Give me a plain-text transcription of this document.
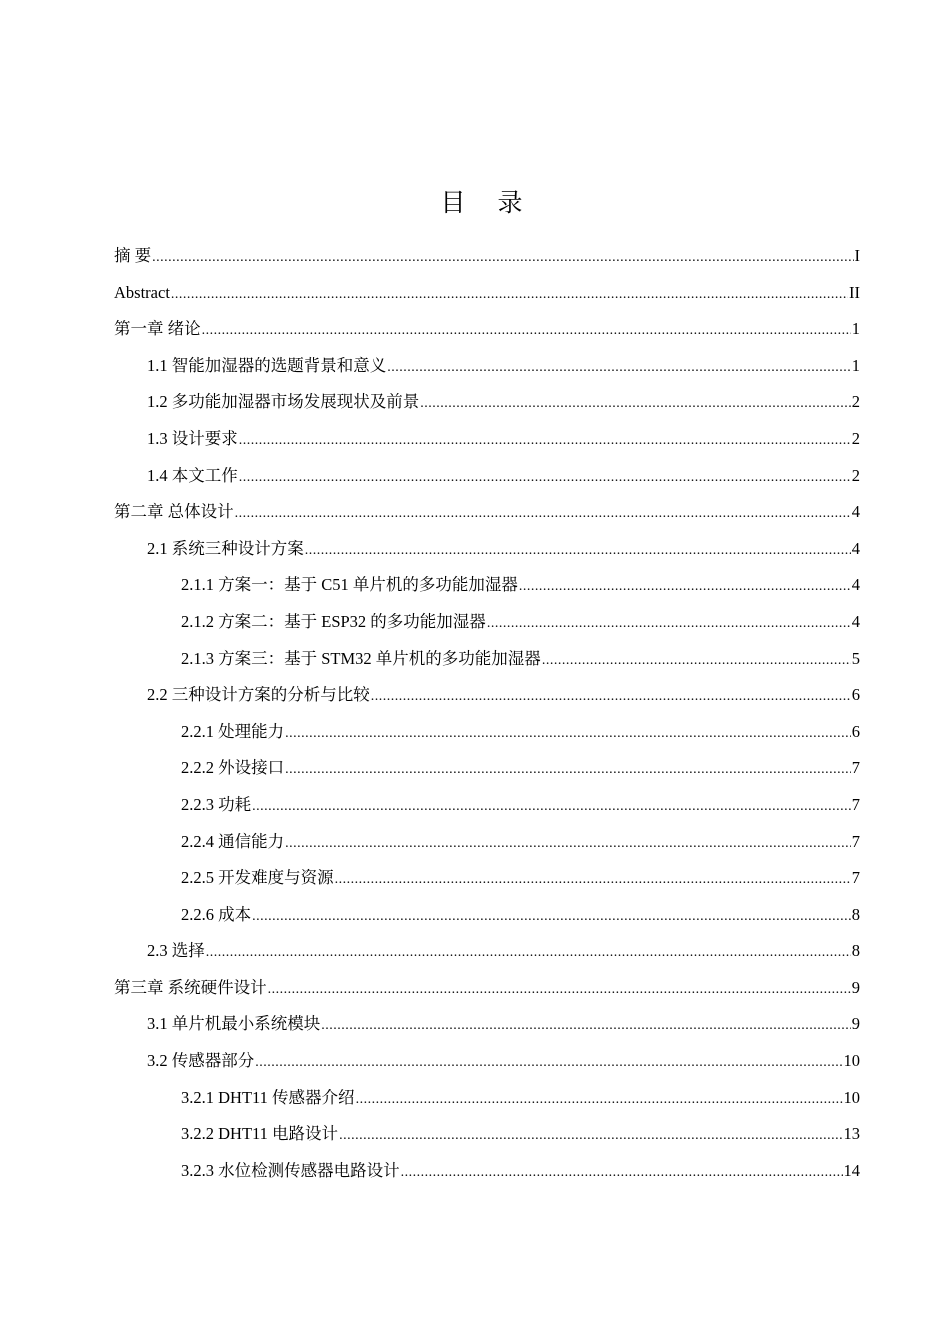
目 录
摘 要 .....	I
Abstract .....	II
第一章 绪论 .....	1
1.1 智能加湿器的选题背景和意义 .....	1
1.2 多功能加湿器市场发展现状及前景 .....	2
1.3 设计要求 .....	2
1.4 本文工作 .....	2
第二章 总体设计 .....	4
2.1 系统三种设计方案 .....	4
2.1.1 方案一：基于 C51 单片机的多功能加湿器 .....	4
2.1.2 方案二：基于 ESP32 的多功能加湿器 .....	4
2.1.3 方案三：基于 STM32 单片机的多功能加湿器 .....	5
2.2 三种设计方案的分析与比较 .....	6
2.2.1 处理能力 .....	6
2.2.2 外设接口 .....	7
2.2.3 功耗 .....	7
2.2.4 通信能力 .....	7
2.2.5 开发难度与资源 .....	7
2.2.6 成本 .....	8
2.3 选择 .....	8
第三章 系统硬件设计 .....	9
3.1 单片机最小系统模块 .....	9
3.2 传感器部分 .....	10
3.2.1 DHT11 传感器介绍 .....	10
3.2.2 DHT11 电路设计 .....	13
3.2.3 水位检测传感器电路设计 .....	14
